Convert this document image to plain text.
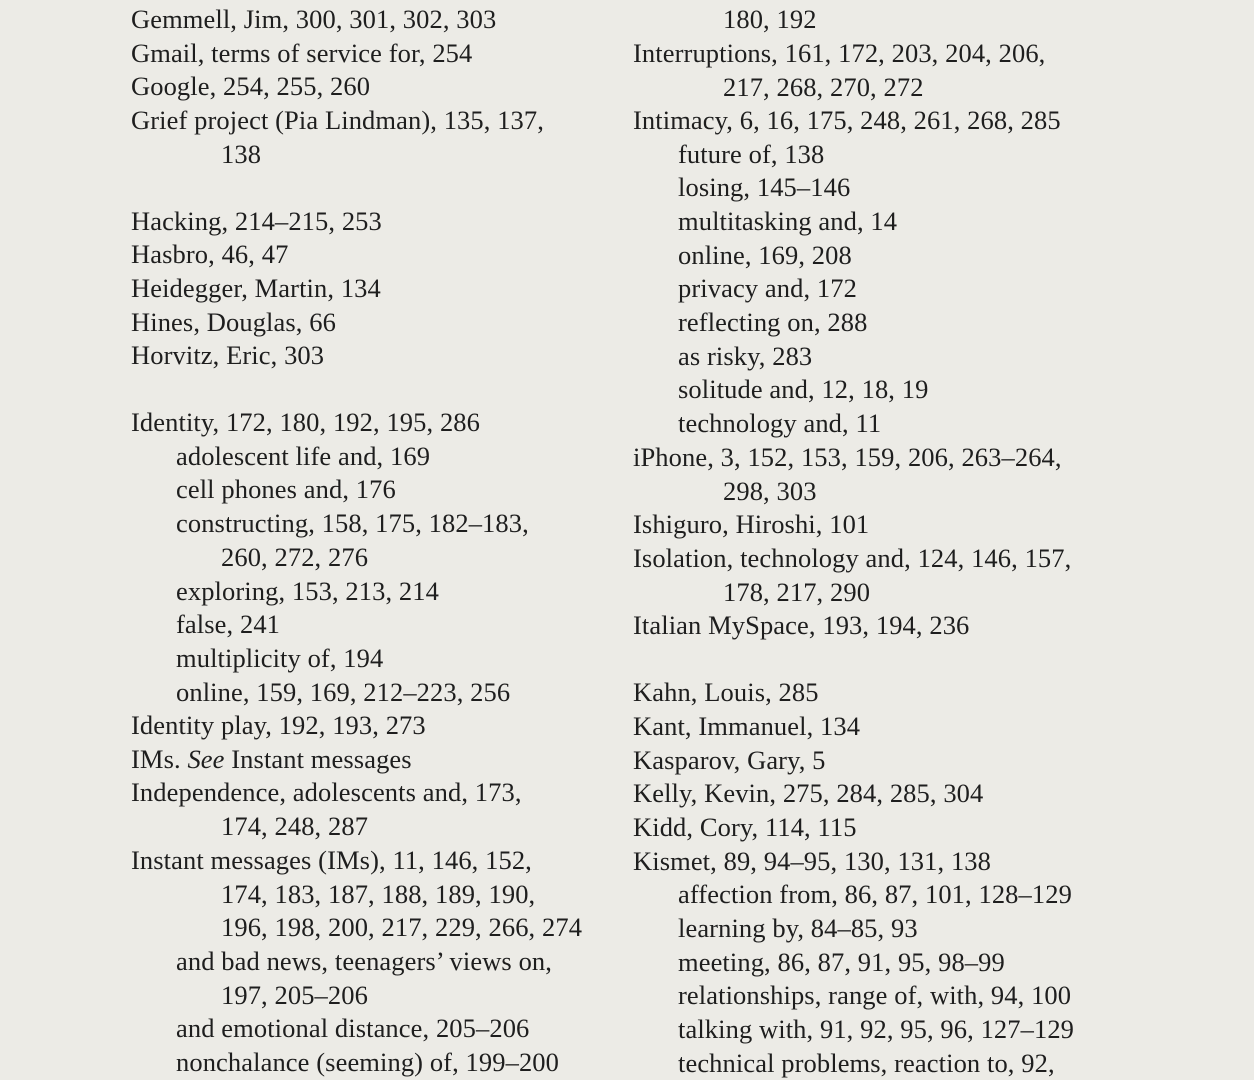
Gemmell, Jim, 300, 301, 302, 303
Gmail, terms of service for, 254
Google, 254, 255, 260
Grief project (Pia Lindman), 135, 137,
138
Hacking, 214–215, 253
Hasbro, 46, 47
Heidegger, Martin, 134
Hines, Douglas, 66
Horvitz, Eric, 303
Identity, 172, 180, 192, 195, 286
adolescent life and, 169
cell phones and, 176
constructing, 158, 175, 182–183,
260, 272, 276
exploring, 153, 213, 214
false, 241
multiplicity of, 194
online, 159, 169, 212–223, 256
Identity play, 192, 193, 273
IMs. See Instant messages
Independence, adolescents and, 173,
174, 248, 287
Instant messages (IMs), 11, 146, 152,
174, 183, 187, 188, 189, 190,
196, 198, 200, 217, 229, 266, 274
and bad news, teenagers’ views on,
197, 205–206
and emotional distance, 205–206
nonchalance (seeming) of, 199–200
180, 192
Interruptions, 161, 172, 203, 204, 206,
217, 268, 270, 272
Intimacy, 6, 16, 175, 248, 261, 268, 285
future of, 138
losing, 145–146
multitasking and, 14
online, 169, 208
privacy and, 172
reflecting on, 288
as risky, 283
solitude and, 12, 18, 19
technology and, 11
iPhone, 3, 152, 153, 159, 206, 263–264,
298, 303
Ishiguro, Hiroshi, 101
Isolation, technology and, 124, 146, 157,
178, 217, 290
Italian MySpace, 193, 194, 236
Kahn, Louis, 285
Kant, Immanuel, 134
Kasparov, Gary, 5
Kelly, Kevin, 275, 284, 285, 304
Kidd, Cory, 114, 115
Kismet, 89, 94–95, 130, 131, 138
affection from, 86, 87, 101, 128–129
learning by, 84–85, 93
meeting, 86, 87, 91, 95, 98–99
relationships, range of, with, 94, 100
talking with, 91, 92, 95, 96, 127–129
technical problems, reaction to, 92,
